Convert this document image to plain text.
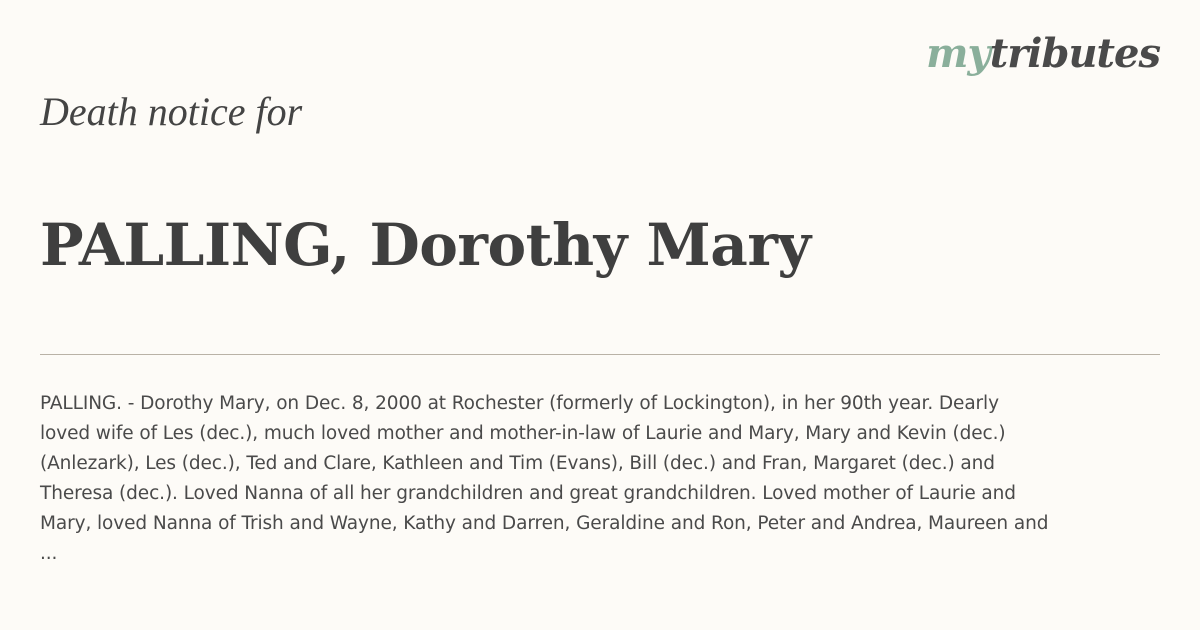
mytributes
Death notice for
PALLING, Dorothy Mary

PALLING. - Dorothy Mary, on Dec. 8, 2000 at Rochester (formerly of Lockington), in her 90th year. Dearly
loved wife of Les (dec.), much loved mother and mother-in-law of Laurie and Mary, Mary and Kevin (dec.)
(Anlezark), Les (dec.), Ted and Clare, Kathleen and Tim (Evans), Bill (dec.) and Fran, Margaret (dec.) and
Theresa (dec.). Loved Nanna of all her grandchildren and great grandchildren. Loved mother of Laurie and
Mary, loved Nanna of Trish and Wayne, Kathy and Darren, Geraldine and Ron, Peter and Andrea, Maureen and
...
